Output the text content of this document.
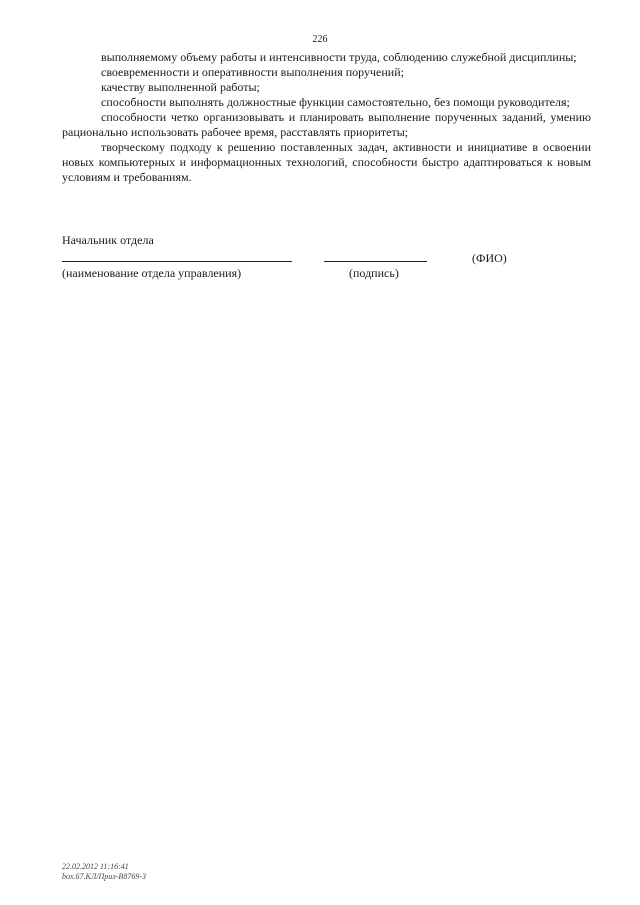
226

выполняемому объему работы и интенсивности труда, соблюдению служебной дисциплины;

своевременности и оперативности выполнения поручений;

качеству выполненной работы;

способности выполнять должностные функции самостоятельно, без помощи руководителя;

способности четко организовывать и планировать выполнение порученных заданий, умению рационально использовать рабочее время, расставлять приоритеты;

творческому подходу к решению поставленных задач, активности и инициативе в освоении новых компьютерных и информационных технологий, способности быстро адаптироваться к новым условиям и требованиям.

Начальник отдела
(ФИО)
(наименование отдела управления)	(подпись)
22.02.2012 11:16:41
box.67.КЛ/Прил-В8769-3
